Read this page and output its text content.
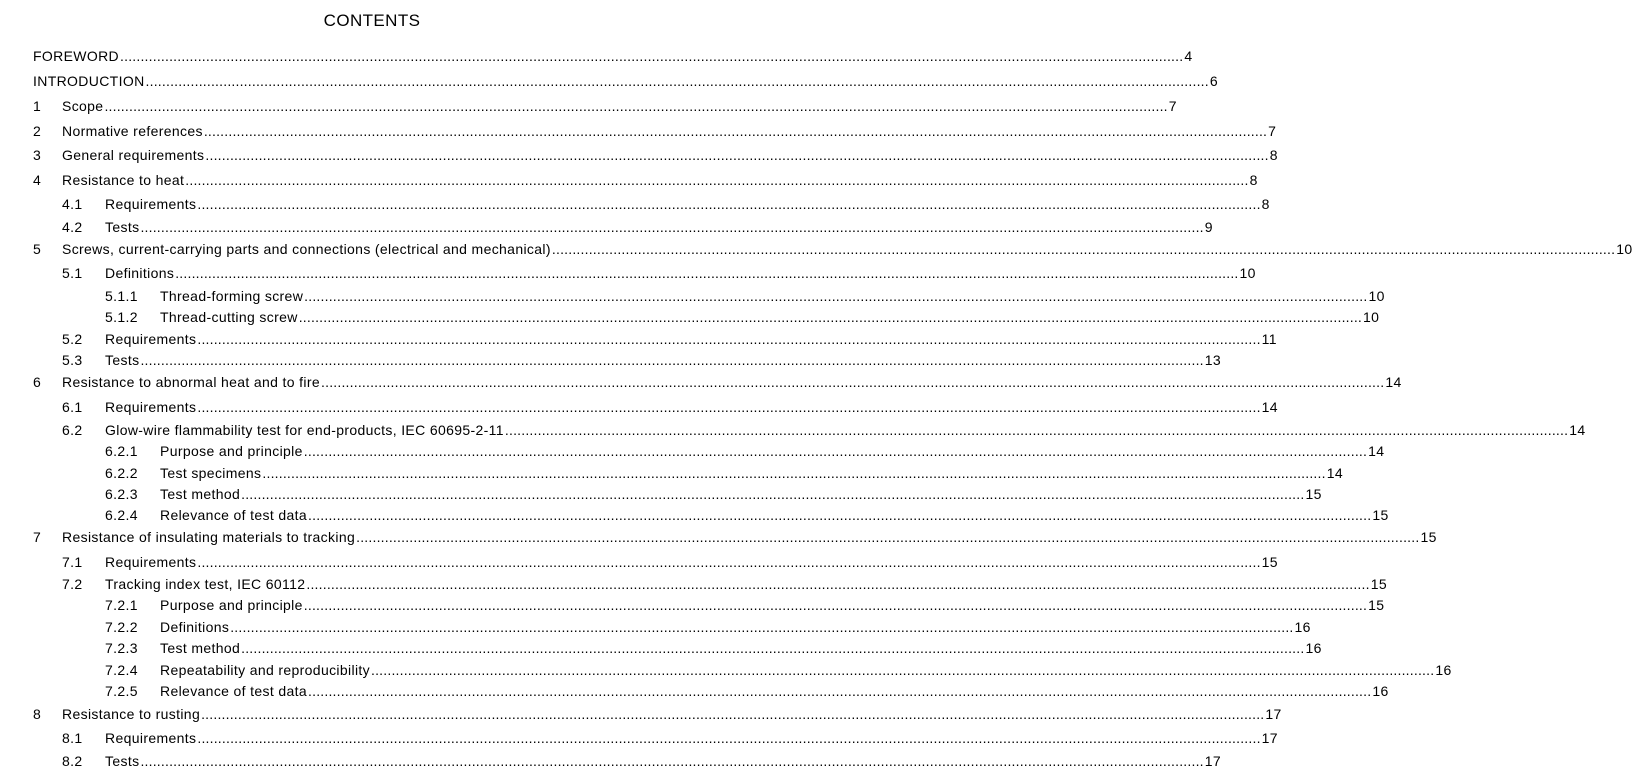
CONTENTS
FOREWORD .................................................................................................................................................................................................................................................................... 4
INTRODUCTION .................................................................................................................................................................................................................................................................... 6
1 Scope .................................................................................................................................................................................................................................................................... 7
2 Normative references .................................................................................................................................................................................................................................................................... 7
3 General requirements .................................................................................................................................................................................................................................................................... 8
4 Resistance to heat .................................................................................................................................................................................................................................................................... 8
4.1 Requirements .................................................................................................................................................................................................................................................................... 8
4.2 Tests .................................................................................................................................................................................................................................................................... 9
5 Screws, current-carrying parts and connections (electrical and mechanical) .................................................................................................................................................................................................................................................................... 10
5.1 Definitions .................................................................................................................................................................................................................................................................... 10
5.1.1 Thread-forming screw .................................................................................................................................................................................................................................................................... 10
5.1.2 Thread-cutting screw .................................................................................................................................................................................................................................................................... 10
5.2 Requirements .................................................................................................................................................................................................................................................................... 11
5.3 Tests .................................................................................................................................................................................................................................................................... 13
6 Resistance to abnormal heat and to fire .................................................................................................................................................................................................................................................................... 14
6.1 Requirements .................................................................................................................................................................................................................................................................... 14
6.2 Glow-wire flammability test for end-products, IEC 60695-2-11 .................................................................................................................................................................................................................................................................... 14
6.2.1 Purpose and principle .................................................................................................................................................................................................................................................................... 14
6.2.2 Test specimens .................................................................................................................................................................................................................................................................... 14
6.2.3 Test method .................................................................................................................................................................................................................................................................... 15
6.2.4 Relevance of test data .................................................................................................................................................................................................................................................................... 15
7 Resistance of insulating materials to tracking .................................................................................................................................................................................................................................................................... 15
7.1 Requirements .................................................................................................................................................................................................................................................................... 15
7.2 Tracking index test, IEC 60112 .................................................................................................................................................................................................................................................................... 15
7.2.1 Purpose and principle .................................................................................................................................................................................................................................................................... 15
7.2.2 Definitions .................................................................................................................................................................................................................................................................... 16
7.2.3 Test method .................................................................................................................................................................................................................................................................... 16
7.2.4 Repeatability and reproducibility .................................................................................................................................................................................................................................................................... 16
7.2.5 Relevance of test data .................................................................................................................................................................................................................................................................... 16
8 Resistance to rusting .................................................................................................................................................................................................................................................................... 17
8.1 Requirements .................................................................................................................................................................................................................................................................... 17
8.2 Tests .................................................................................................................................................................................................................................................................... 17
